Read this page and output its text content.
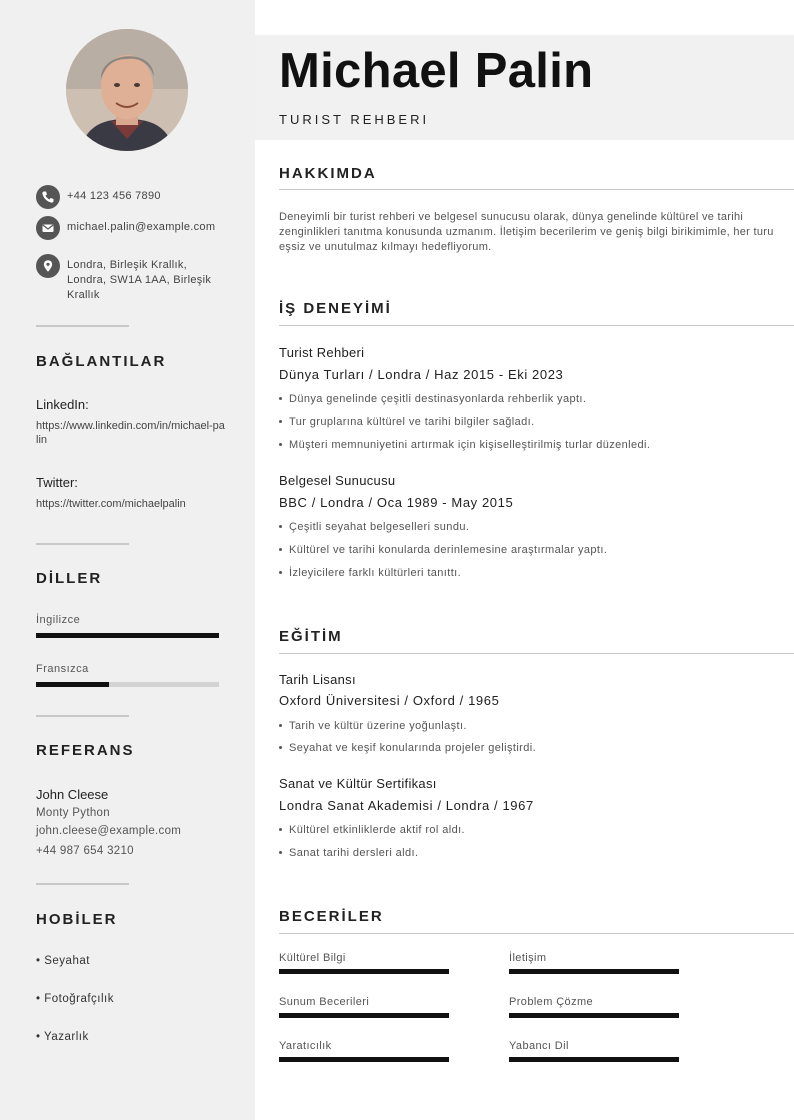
+44 123 456 7890
michael.palin@example.com
Londra, Birleşik Krallık, Londra, SW1A 1AA, Birleşik Krallık
BAĞLANTILAR
LinkedIn:
https://www.linkedin.com/in/michael-palin
Twitter:
https://twitter.com/michaelpalin
DİLLER
İngilizce
Fransızca
REFERANS
John Cleese
Monty Python
john.cleese@example.com
+44 987 654 3210
HOBİLER
• Seyahat
• Fotoğrafçılık
• Yazarlık
Michael Palin
TURIST REHBERI
HAKKIMDA
Deneyimli bir turist rehberi ve belgesel sunucusu olarak, dünya genelinde kültürel ve tarihi zenginlikleri tanıtma konusunda uzmanım. İletişim becerilerim ve geniş bilgi birikimimle, her turu eşsiz ve unutulmaz kılmayı hedefliyorum.
İŞ DENEYİMİ
Turist Rehberi
Dünya Turları / Londra / Haz 2015 - Eki 2023
Dünya genelinde çeşitli destinasyonlarda rehberlik yaptı.
Tur gruplarına kültürel ve tarihi bilgiler sağladı.
Müşteri memnuniyetini artırmak için kişiselleştirilmiş turlar düzenledi.
Belgesel Sunucusu
BBC / Londra / Oca 1989 - May 2015
Çeşitli seyahat belgeselleri sundu.
Kültürel ve tarihi konularda derinlemesine araştırmalar yaptı.
İzleyicilere farklı kültürleri tanıttı.
EĞİTİM
Tarih Lisansı
Oxford Üniversitesi / Oxford / 1965
Tarih ve kültür üzerine yoğunlaştı.
Seyahat ve keşif konularında projeler geliştirdi.
Sanat ve Kültür Sertifikası
Londra Sanat Akademisi / Londra / 1967
Kültürel etkinliklerde aktif rol aldı.
Sanat tarihi dersleri aldı.
BECERİLER
Kültürel Bilgi	İletişim
Sunum Becerileri	Problem Çözme
Yaratıcılık	Yabancı Dil
